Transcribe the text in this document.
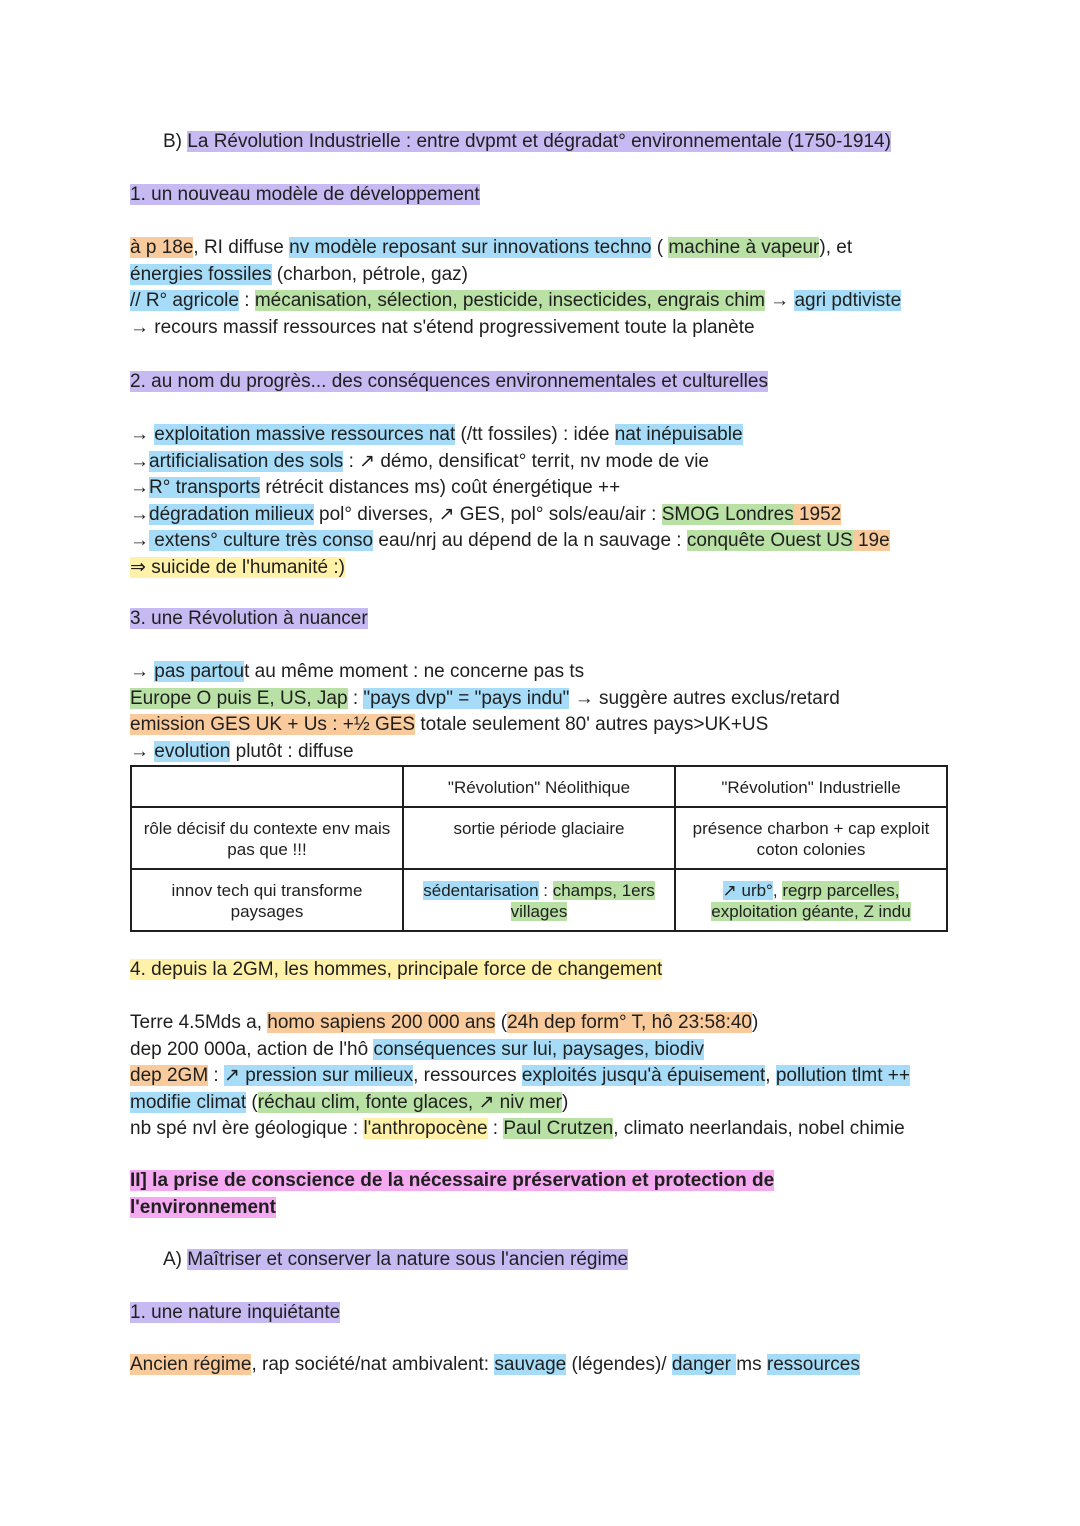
B) La Révolution Industrielle : entre dvpmt et dégradat° environnementale (1750-1914)
1. un nouveau modèle de développement
à p 18e, RI diffuse nv modèle reposant sur innovations techno ( machine à vapeur), et
énergies fossiles (charbon, pétrole, gaz)
// R° agricole : mécanisation, sélection, pesticide, insecticides, engrais chim → agri pdtiviste
→ recours massif ressources nat s'étend progressivement toute la planète
2. au nom du progrès... des conséquences environnementales et culturelles
→ exploitation massive ressources nat (/tt fossiles) : idée nat inépuisable
→artificialisation des sols : ↗ démo, densificat° territ, nv mode de vie
→R° transports rétrécit distances ms) coût énergétique ++
→dégradation milieux pol° diverses, ↗ GES, pol° sols/eau/air : SMOG Londres 1952
→ extens° culture très conso eau/nrj au dépend de la n sauvage : conquête Ouest US 19e
⇒ suicide de l'humanité :)
3. une Révolution à nuancer
→ pas partout au même moment : ne concerne pas ts
Europe O puis E, US, Jap : "pays dvp" = "pays indu" → suggère autres exclus/retard
emission GES UK + Us : +½ GES totale seulement 80' autres pays>UK+US
→ evolution plutôt : diffuse
	"Révolution" Néolithique	"Révolution" Industrielle
rôle décisif du contexte env mais pas que !!!	sortie période glaciaire	présence charbon + cap exploit coton colonies
innov tech qui transforme paysages	sédentarisation : champs, 1ers villages	↗ urb°, regrp parcelles, exploitation géante, Z indu
4. depuis la 2GM, les hommes, principale force de changement
Terre 4.5Mds a, homo sapiens 200 000 ans (24h dep form° T, hô 23:58:40)
dep 200 000a, action de l'hô conséquences sur lui, paysages, biodiv
dep 2GM : ↗ pression sur milieux, ressources exploités jusqu'à épuisement, pollution tlmt ++
modifie climat (réchau clim, fonte glaces, ↗ niv mer)
nb spé nvl ère géologique : l'anthropocène : Paul Crutzen, climato neerlandais, nobel chimie
II] la prise de conscience de la nécessaire préservation et protection de
l'environnement
A) Maîtriser et conserver la nature sous l'ancien régime
1. une nature inquiétante
Ancien régime, rap société/nat ambivalent: sauvage (légendes)/ danger ms ressources
